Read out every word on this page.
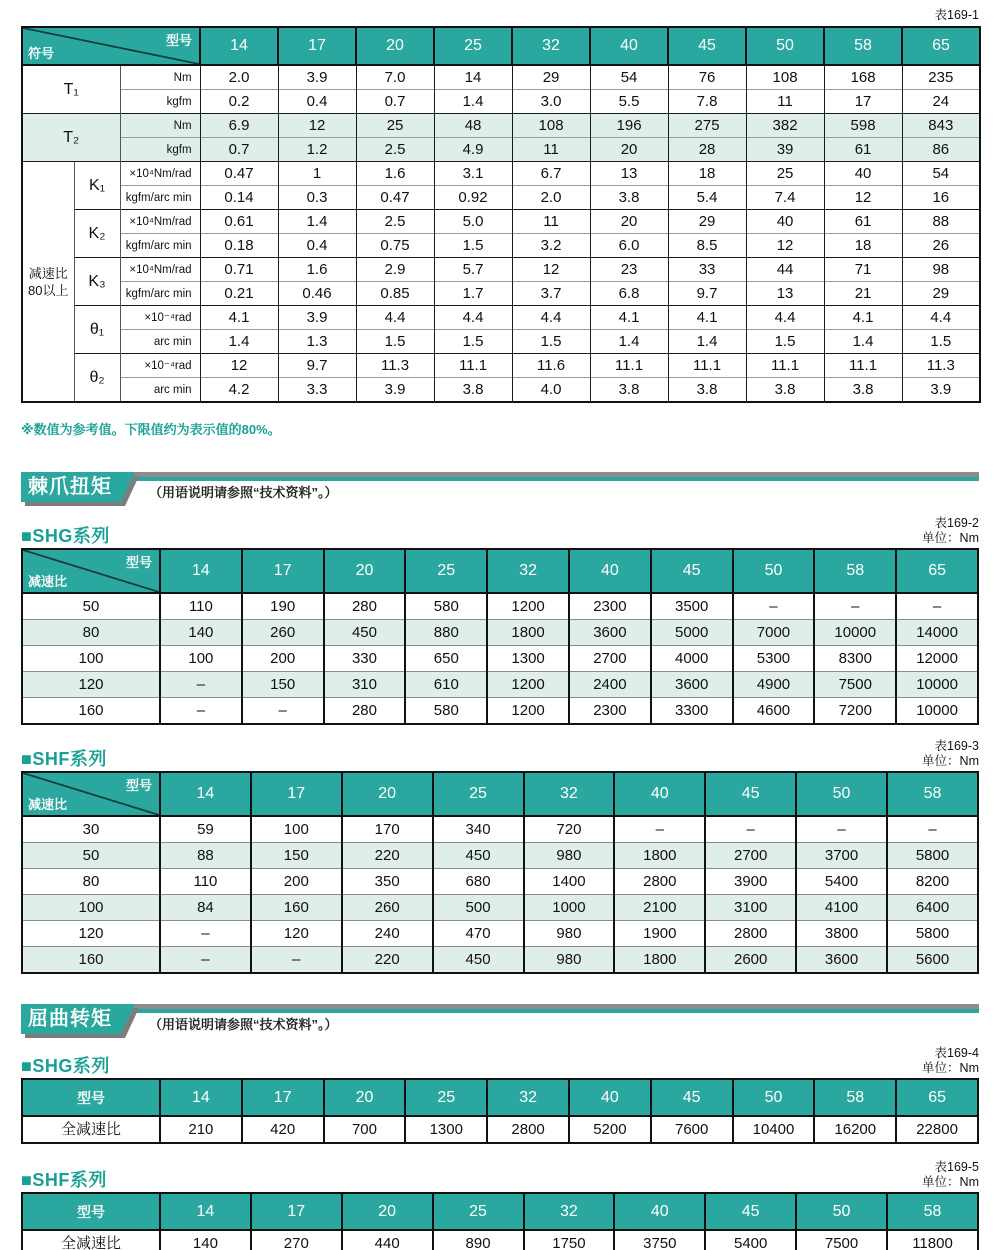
表169-1
型号
符号			14	17	20	25	32	40	45	50	58	65
T₁		Nm	2.0	3.9	7.0	14	29	54	76	108	168	235
		kgfm	0.2	0.4	0.7	1.4	3.0	5.5	7.8	11	17	24
T₂		Nm	6.9	12	25	48	108	196	275	382	598	843
		kgfm	0.7	1.2	2.5	4.9	11	20	28	39	61	86

减速比
80以上	K₁	×10⁴Nm/rad	0.47	1	1.6	3.1	6.7	13	18	25	40	54
		kgfm/arc min	0.14	0.3	0.47	0.92	2.0	3.8	5.4	7.4	12	16
	K₂	×10⁴Nm/rad	0.61	1.4	2.5	5.0	11	20	29	40	61	88
		kgfm/arc min	0.18	0.4	0.75	1.5	3.2	6.0	8.5	12	18	26
	K₃	×10⁴Nm/rad	0.71	1.6	2.9	5.7	12	23	33	44	71	98
		kgfm/arc min	0.21	0.46	0.85	1.7	3.7	6.8	9.7	13	21	29
	θ₁	×10⁻⁴rad	4.1	3.9	4.4	4.4	4.4	4.1	4.1	4.4	4.1	4.4
		arc min	1.4	1.3	1.5	1.5	1.5	1.4	1.4	1.5	1.4	1.5
	θ₂	×10⁻⁴rad	12	9.7	11.3	11.1	11.6	11.1	11.1	11.1	11.1	11.3
		arc min	4.2	3.3	3.9	3.8	4.0	3.8	3.8	3.8	3.8	3.9
※数值为参考值。下限值约为表示值的80%。
棘爪扭矩	（用语说明请参照“技术资料”。）
■SHG系列
表169-2
单位：Nm
型号
减速比	14	17	20	25	32	40	45	50	58	65
50	110	190	280	580	1200	2300	3500	–	–	–
80	140	260	450	880	1800	3600	5000	7000	10000	14000
100	100	200	330	650	1300	2700	4000	5300	8300	12000
120	–	150	310	610	1200	2400	3600	4900	7500	10000
160	–	–	280	580	1200	2300	3300	4600	7200	10000
■SHF系列
表169-3
单位：Nm
型号
减速比	14	17	20	25	32	40	45	50	58
30	59	100	170	340	720	–	–	–	–
50	88	150	220	450	980	1800	2700	3700	5800
80	110	200	350	680	1400	2800	3900	5400	8200
100	84	160	260	500	1000	2100	3100	4100	6400
120	–	120	240	470	980	1900	2800	3800	5800
160	–	–	220	450	980	1800	2600	3600	5600
屈曲转矩	（用语说明请参照“技术资料”。）
■SHG系列
表169-4
单位：Nm
型号	14	17	20	25	32	40	45	50	58	65
全减速比	210	420	700	1300	2800	5200	7600	10400	16200	22800
■SHF系列
表169-5
单位：Nm
型号	14	17	20	25	32	40	45	50	58
全减速比	140	270	440	890	1750	3750	5400	7500	11800
